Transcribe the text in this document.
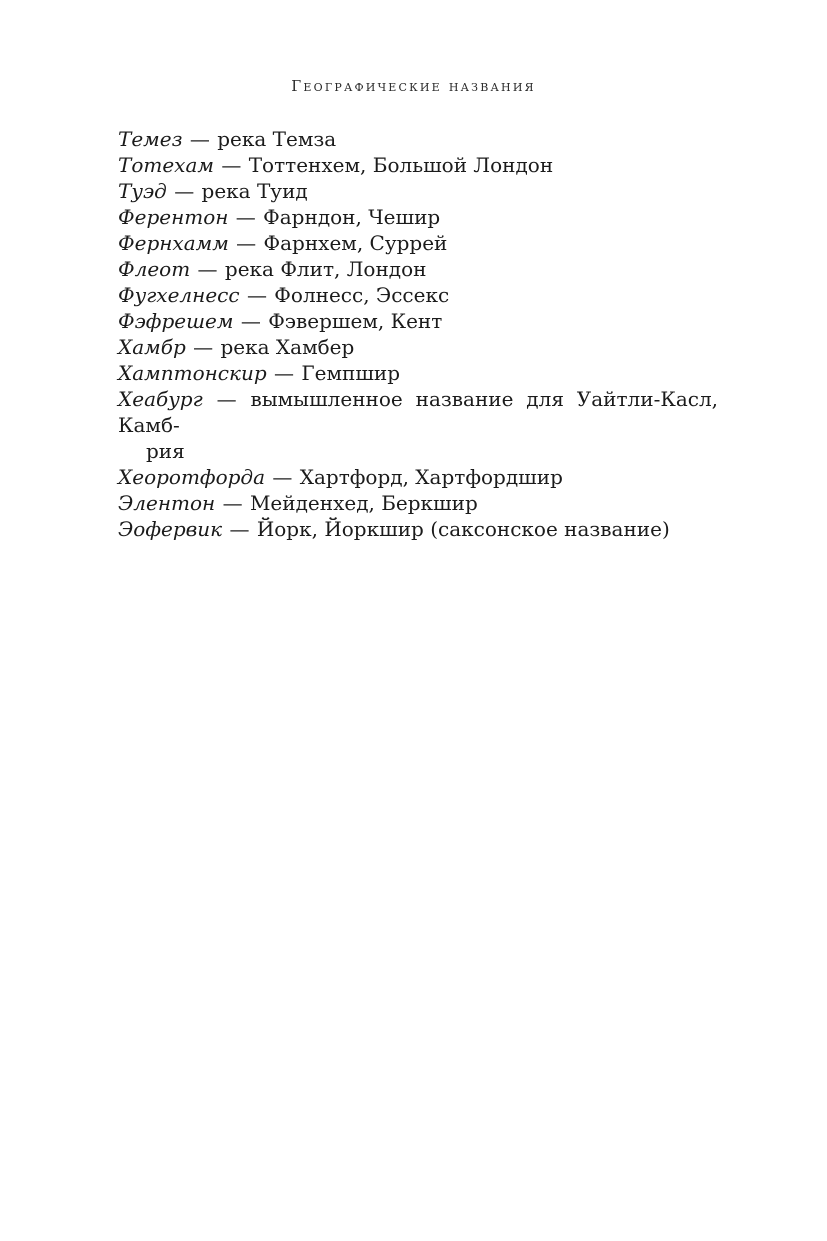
Географические названия
Темез — река Темза
Тотехам — Тоттенхем, Большой Лондон
Туэд — река Туид
Ферентон — Фарндон, Чешир
Фернхамм — Фарнхем, Суррей
Флеот — река Флит, Лондон
Фугхелнесс — Фолнесс, Эссекс
Фэфрешем — Фэвершем, Кент
Хамбр — река Хамбер
Хамптонскир — Гемпшир
Хеабург — вымышленное название для Уайтли-Касл, Камб-
рия
Хеоротфорда — Хартфорд, Хартфордшир
Элентон — Мейденхед, Беркшир
Эофервик — Йорк, Йоркшир (саксонское название)
